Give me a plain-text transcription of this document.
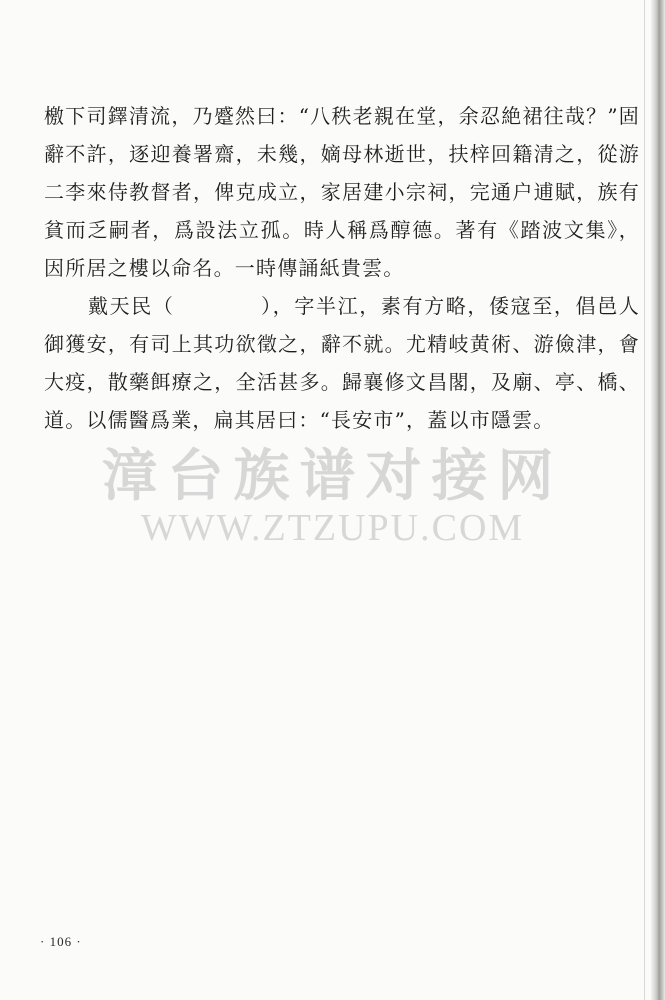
檄下司鐸清流，乃蹙然曰：“八秩老親在堂，余忍絶裙往哉？”固辭不許，逐迎養署齋，未幾，嫡母林逝世，扶梓回籍清之，從游二李來侍教督者，俾克成立，家居建小宗祠，完通户逋賦，族有貧而乏嗣者，爲設法立孤。時人稱爲醇德。著有《踏波文集》，因所居之樓以命名。一時傳誦紙貴雲。

戴天民（　　　　），字半江，素有方略，倭寇至，倡邑人御獲安，有司上其功欲徵之，辭不就。尤精岐黄術、游儉津，會大疫，散藥餌療之，全活甚多。歸襄修文昌閣，及廟、亭、橋、道。以儒醫爲業，扁其居曰：“長安市”，蓋以市隱雲。

漳台族谱对接网
WWW.ZTZUPU.COM
· 106 ·
